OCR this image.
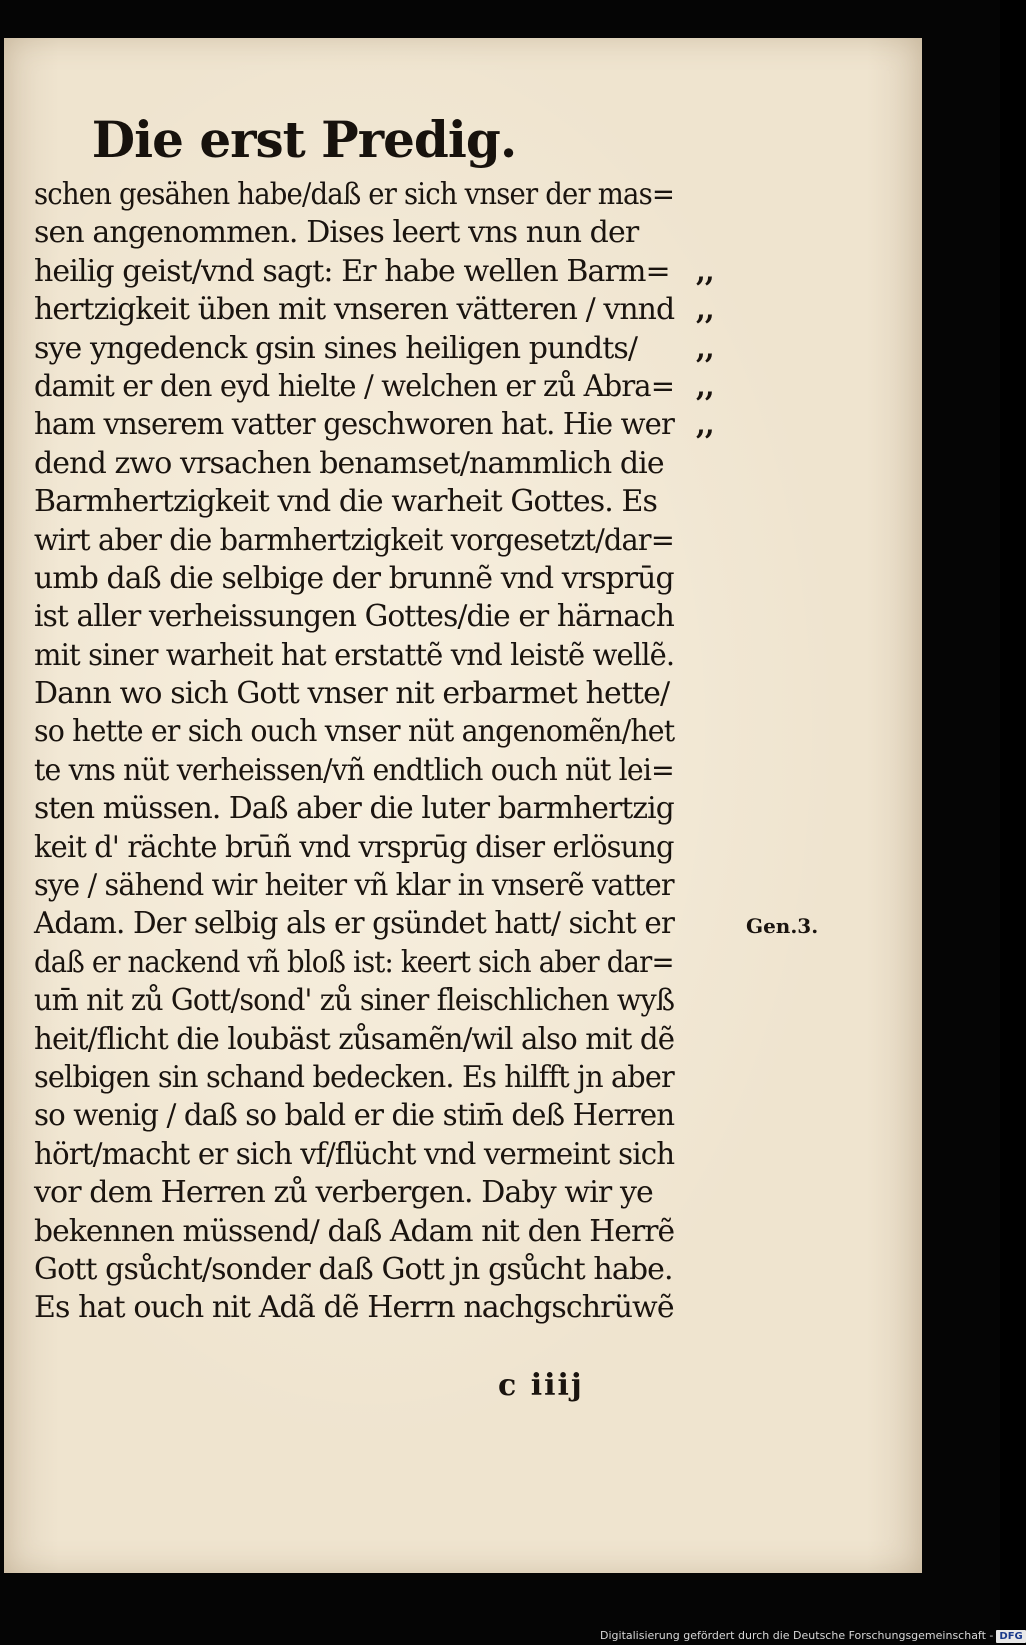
Die erst Predig.
schen gesähen habe/daß er sich vnser der mas=
sen angenommen. Dises leert vns nun der
heilig geist/vnd sagt: Er habe wellen Barm= ,,
hertzigkeit üben mit vnseren vätteren / vnnd ,,
sye yngedenck gsin sines heiligen pundts/ ,,
damit er den eyd hielte / welchen er zů Abra= ,,
ham vnserem vatter geschworen hat. Hie wer ,,
dend zwo vrsachen benamset/nammlich die
Barmhertzigkeit vnd die warheit Gottes. Es
wirt aber die barmhertzigkeit vorgesetzt/dar=
umb daß die selbige der brunnẽ vnd vrsprūg
ist aller verheissungen Gottes/die er härnach
mit siner warheit hat erstattẽ vnd leistẽ wellẽ.
Dann wo sich Gott vnser nit erbarmet hette/
so hette er sich ouch vnser nüt angenomẽn/het
te vns nüt verheissen/vñ endtlich ouch nüt lei=
sten müssen. Daß aber die luter barmhertzig
keit d' rächte brūñ vnd vrsprūg diser erlösung
sye / sähend wir heiter vñ klar in vnserẽ vatter
Adam. Der selbig als er gsündet hatt/ sicht er	Gen.3.
daß er nackend vñ bloß ist: keert sich aber dar=
um̄ nit zů Gott/sond' zů siner fleischlichen wyß
heit/flicht die loubäst zůsamẽn/wil also mit dẽ
selbigen sin schand bedecken. Es hilfft jn aber
so wenig / daß so bald er die stim̄ deß Herren
hört/macht er sich vf/flücht vnd vermeint sich
vor dem Herren zů verbergen. Daby wir ye
bekennen müssend/ daß Adam nit den Herrẽ
Gott gsůcht/sonder daß Gott jn gsůcht habe.
Es hat ouch nit Adã dẽ Herrn nachgschrüwẽ
c iiij
Digitalisierung gefördert durch die Deutsche Forschungsgemeinschaft - DFG
